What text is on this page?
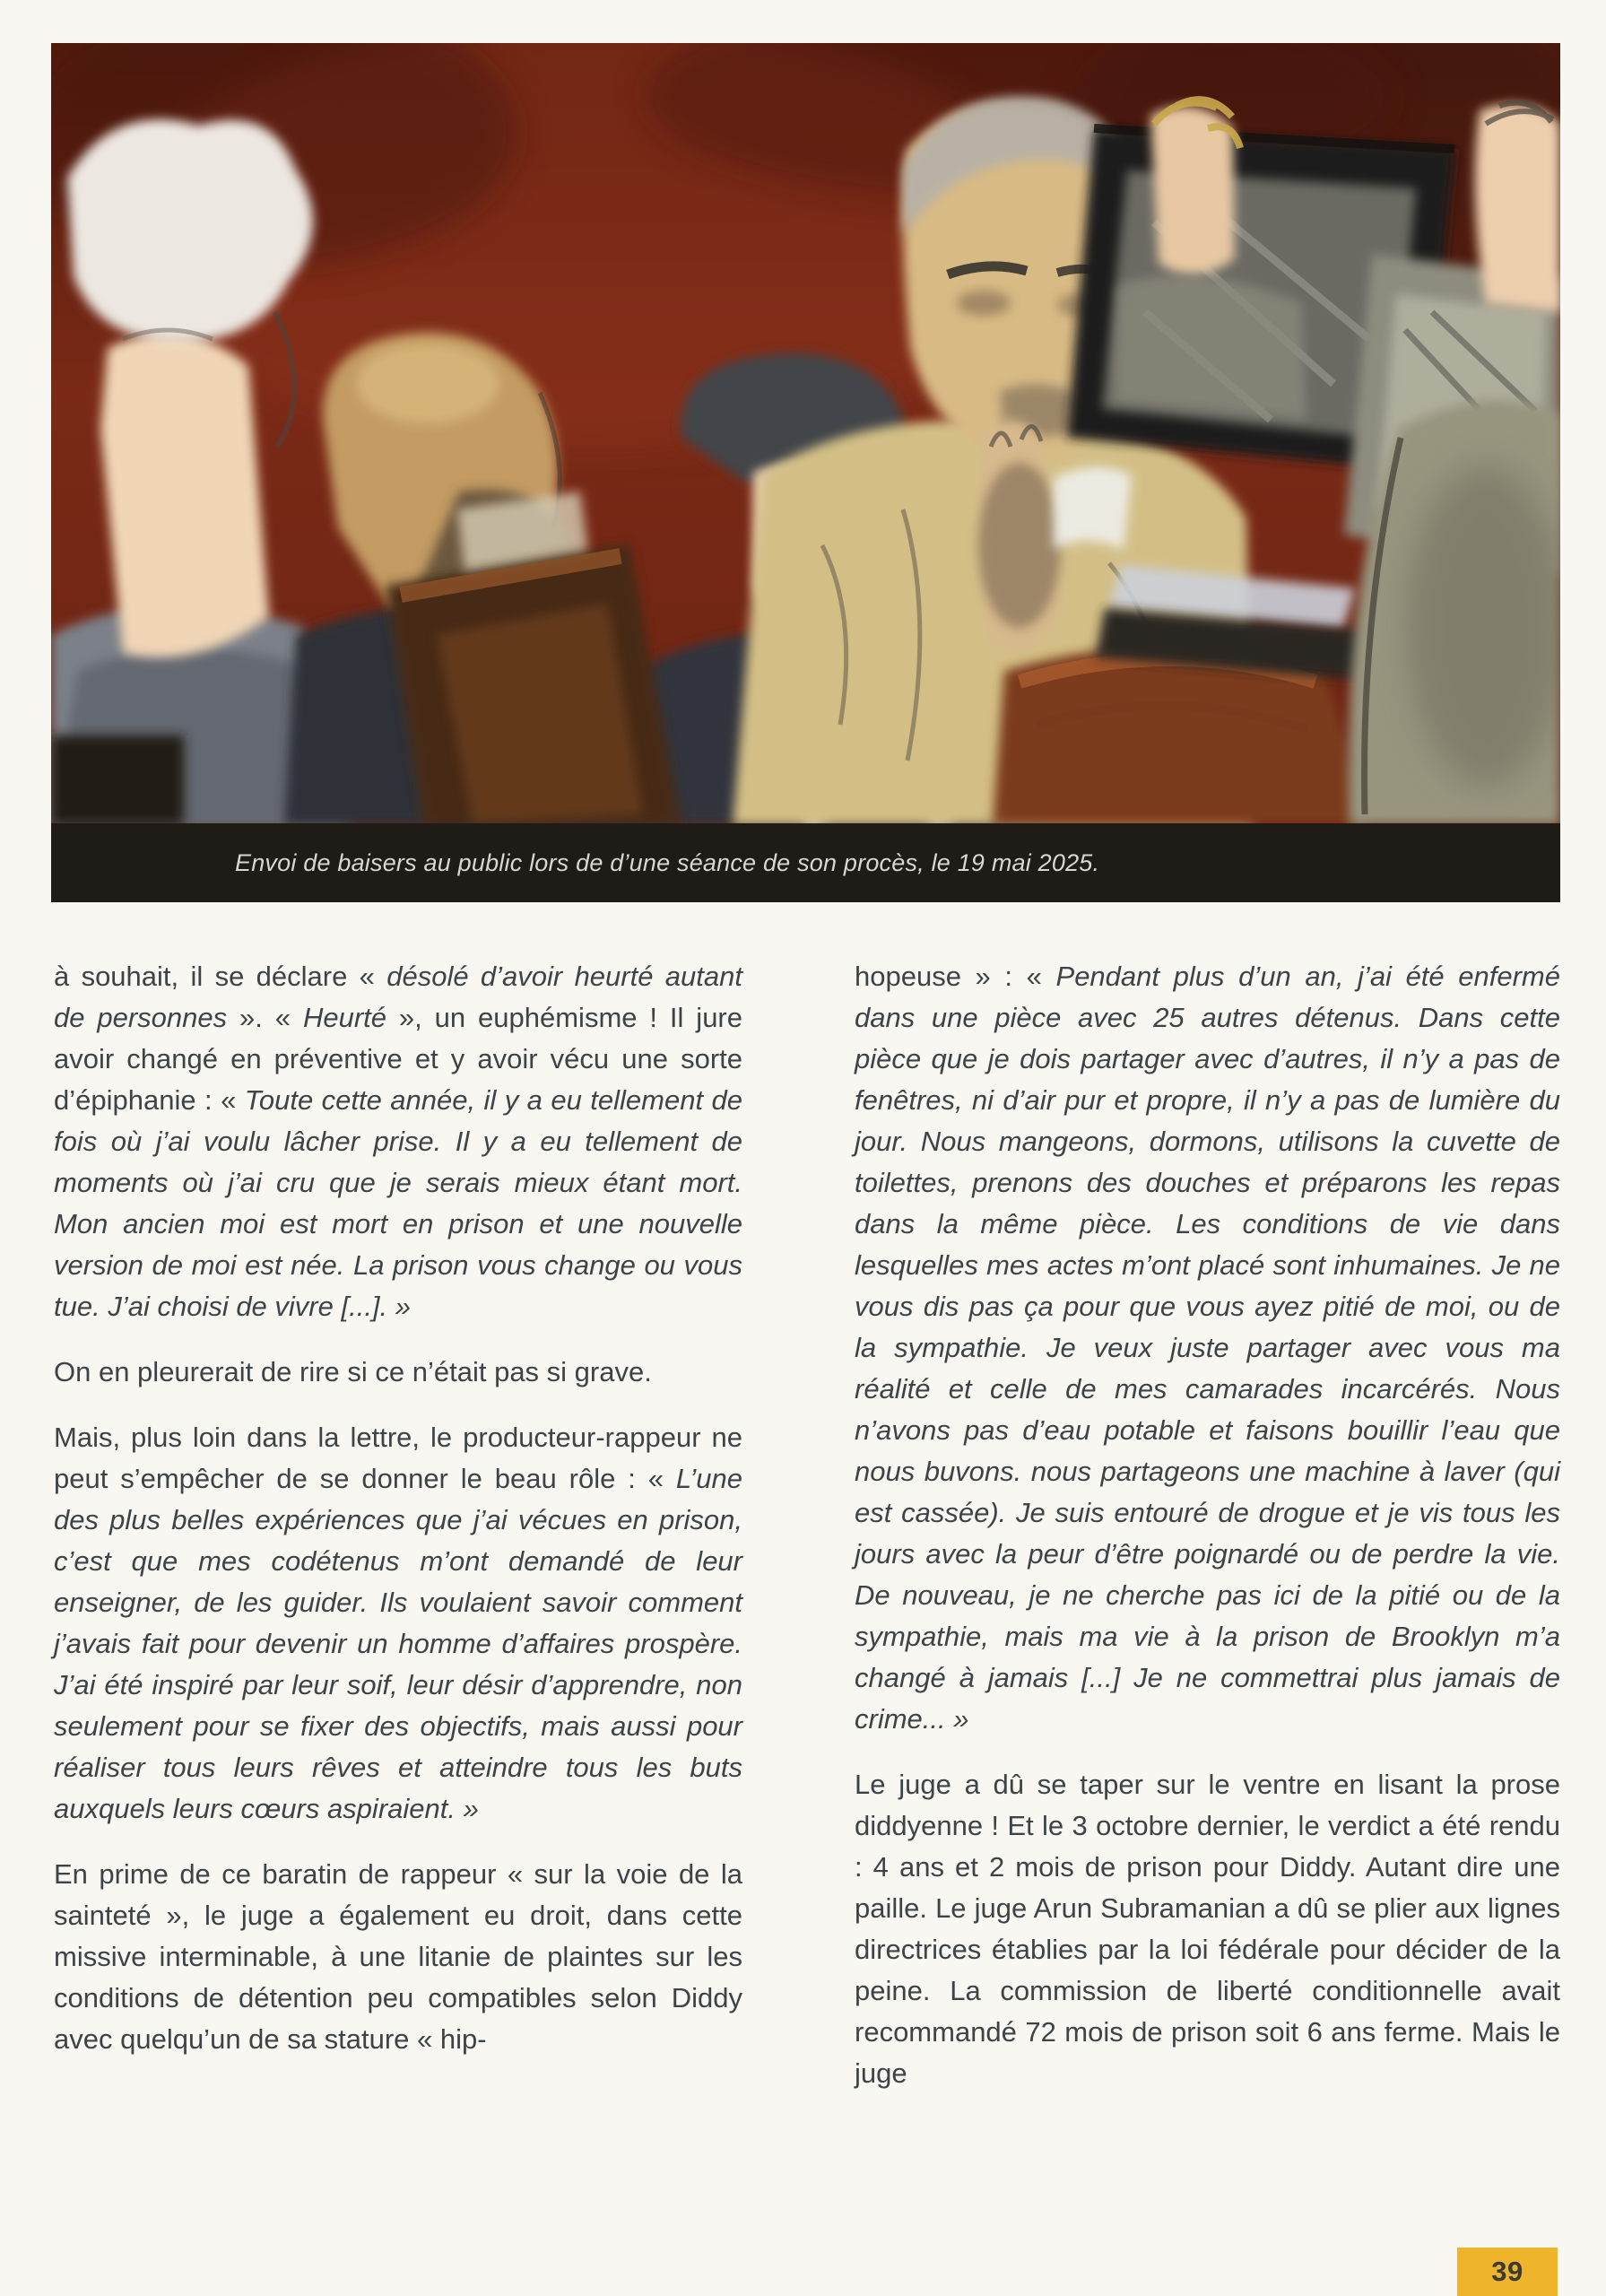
Envoi de baisers au public lors de d’une séance de son procès, le 19 mai 2025.

à souhait, il se déclare « désolé d’avoir heurté autant de personnes ». « Heurté », un euphémisme ! Il jure avoir changé en préventive et y avoir vécu une sorte d’épiphanie : « Toute cette année, il y a eu tellement de fois où j’ai voulu lâcher prise. Il y a eu tellement de moments où j’ai cru que je serais mieux étant mort. Mon ancien moi est mort en prison et une nouvelle version de moi est née. La prison vous change ou vous tue. J’ai choisi de vivre [...]. »

On en pleurerait de rire si ce n’était pas si grave.

Mais, plus loin dans la lettre, le producteur-rappeur ne peut s’empêcher de se donner le beau rôle : « L’une des plus belles expériences que j’ai vécues en prison, c’est que mes codétenus m’ont demandé de leur enseigner, de les guider. Ils voulaient savoir comment j’avais fait pour devenir un homme d’affaires prospère. J’ai été inspiré par leur soif, leur désir d’apprendre, non seulement pour se fixer des objectifs, mais aussi pour réaliser tous leurs rêves et atteindre tous les buts auxquels leurs cœurs aspiraient. »

En prime de ce baratin de rappeur « sur la voie de la sainteté », le juge a également eu droit, dans cette missive interminable, à une litanie de plaintes sur les conditions de détention peu compatibles selon Diddy avec quelqu’un de sa stature « hip-

hopeuse » : « Pendant plus d’un an, j’ai été enfermé dans une pièce avec 25 autres détenus. Dans cette pièce que je dois partager avec d’autres, il n’y a pas de fenêtres, ni d’air pur et propre, il n’y a pas de lumière du jour. Nous mangeons, dormons, utilisons la cuvette de toilettes, prenons des douches et préparons les repas dans la même pièce. Les conditions de vie dans lesquelles mes actes m’ont placé sont inhumaines. Je ne vous dis pas ça pour que vous ayez pitié de moi, ou de la sympathie. Je veux juste partager avec vous ma réalité et celle de mes camarades incarcérés. Nous n’avons pas d’eau potable et faisons bouillir l’eau que nous buvons. nous partageons une machine à laver (qui est cassée). Je suis entouré de drogue et je vis tous les jours avec la peur d’être poignardé ou de perdre la vie. De nouveau, je ne cherche pas ici de la pitié ou de la sympathie, mais ma vie à la prison de Brooklyn m’a changé à jamais [...] Je ne commettrai plus jamais de crime... »

Le juge a dû se taper sur le ventre en lisant la prose diddyenne ! Et le 3 octobre dernier, le verdict a été rendu : 4 ans et 2 mois de prison pour Diddy. Autant dire une paille. Le juge Arun Subramanian a dû se plier aux lignes directrices établies par la loi fédérale pour décider de la peine. La commission de liberté conditionnelle avait recommandé 72 mois de prison soit 6 ans ferme. Mais le juge

39
